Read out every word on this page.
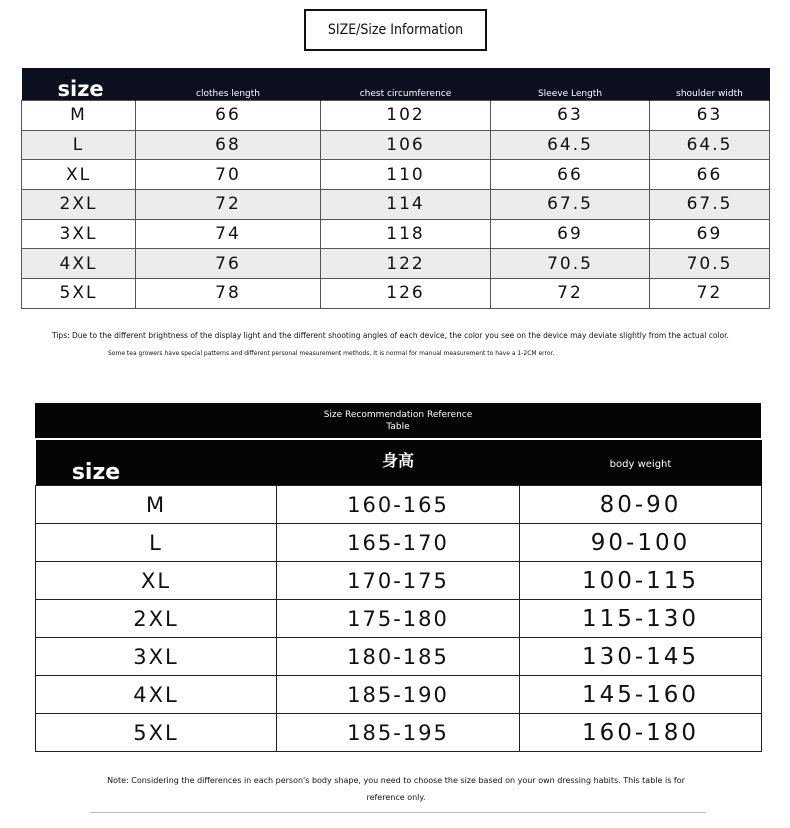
SIZE/Size Information
size	clothes length	chest circumference	Sleeve Length	shoulder width
M	66	102	63	63
L	68	106	64.5	64.5
XL	70	110	66	66
2XL	72	114	67.5	67.5
3XL	74	118	69	69
4XL	76	122	70.5	70.5
5XL	78	126	72	72
Tips: Due to the different brightness of the display light and the different shooting angles of each device, the color you see on the device may deviate slightly from the actual color.
Some tea growers have special patterns and different personal measurement methods. It is normal for manual measurement to have a 1-2CM error.
Size Recommendation Reference
Table
size	身高	body weight
M	160-165	80-90
L	165-170	90-100
XL	170-175	100-115
2XL	175-180	115-130
3XL	180-185	130-145
4XL	185-190	145-160
5XL	185-195	160-180
Note: Considering the differences in each person's body shape, you need to choose the size based on your own dressing habits. This table is for reference only.
